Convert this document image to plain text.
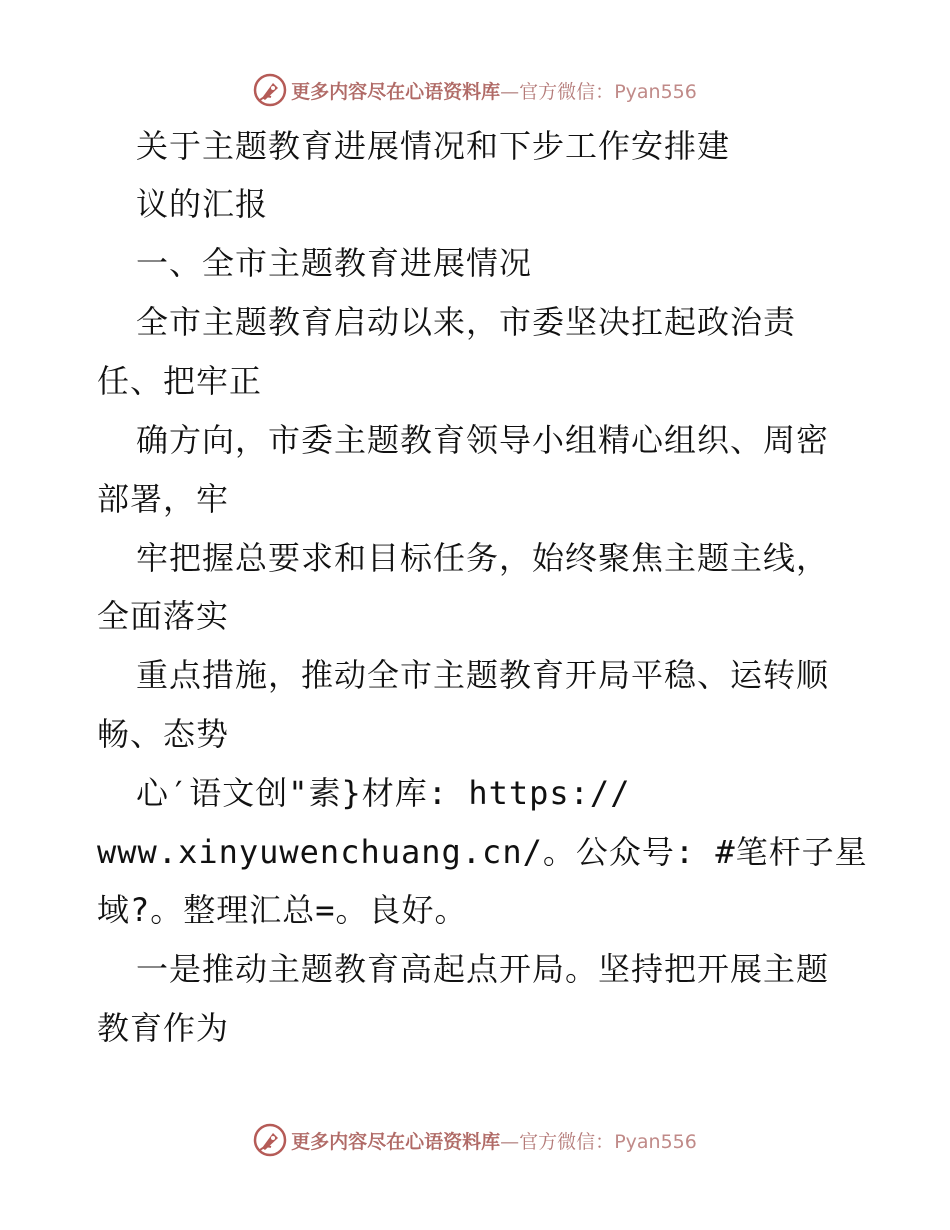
更多内容尽在心语资料库—官方微信：Pyan556
关于主题教育进展情况和下步工作安排建
议的汇报
一、全市主题教育进展情况
全市主题教育启动以来，市委坚决扛起政治责
任、把牢正
确方向，市委主题教育领导小组精心组织、周密
部署，牢
牢把握总要求和目标任务，始终聚焦主题主线，
全面落实
重点措施，推动全市主题教育开局平稳、运转顺
畅、态势
心′语文创"素}材库: https://
www.xinyuwenchuang.cn/。公众号: #笔杆子星
域?。整理汇总=。良好。
一是推动主题教育高起点开局。坚持把开展主题
教育作为
更多内容尽在心语资料库—官方微信：Pyan556
